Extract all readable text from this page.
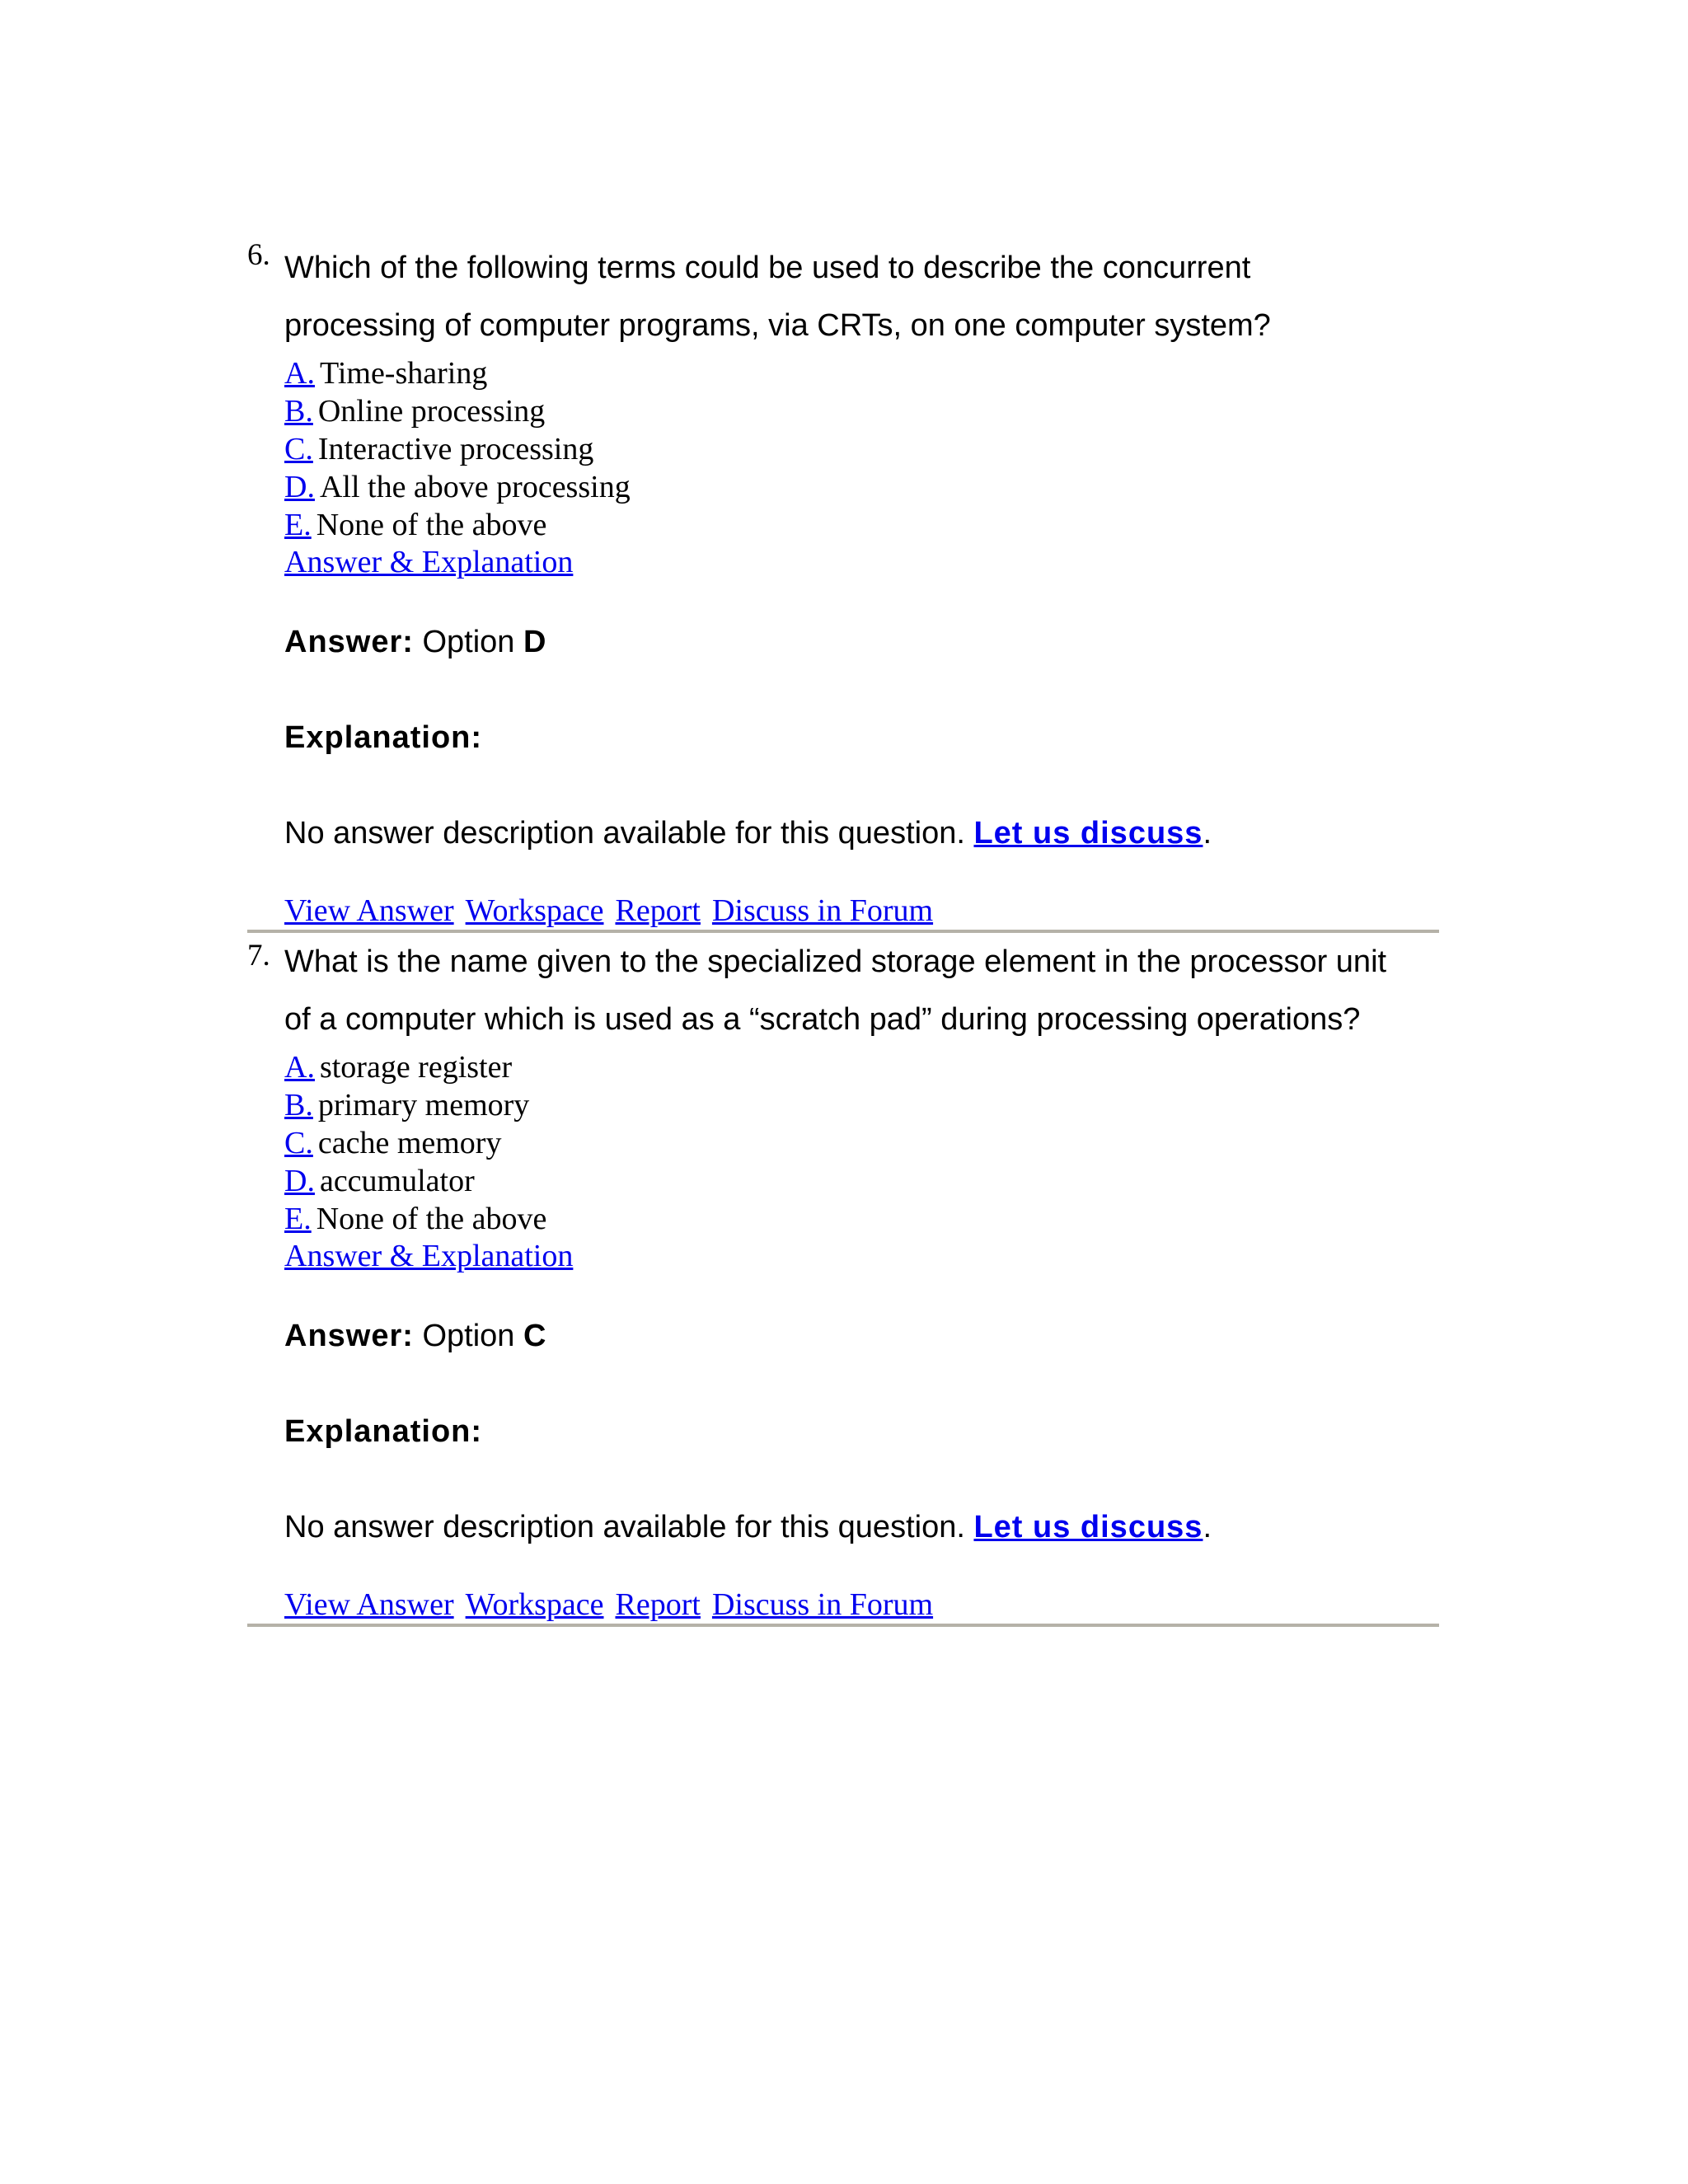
6. Which of the following terms could be used to describe the concurrent processing of computer programs, via CRTs, on one computer system?

A. Time-sharing
B. Online processing
C. Interactive processing
D. All the above processing
E. None of the above
Answer & Explanation
Answer: Option D
Explanation:
No answer description available for this question. Let us discuss.
View Answer Workspace Report Discuss in Forum
7. What is the name given to the specialized storage element in the processor unit of a computer which is used as a “scratch pad” during processing operations?

A. storage register
B. primary memory
C. cache memory
D. accumulator
E. None of the above
Answer & Explanation
Answer: Option C
Explanation:
No answer description available for this question. Let us discuss.
View Answer Workspace Report Discuss in Forum
